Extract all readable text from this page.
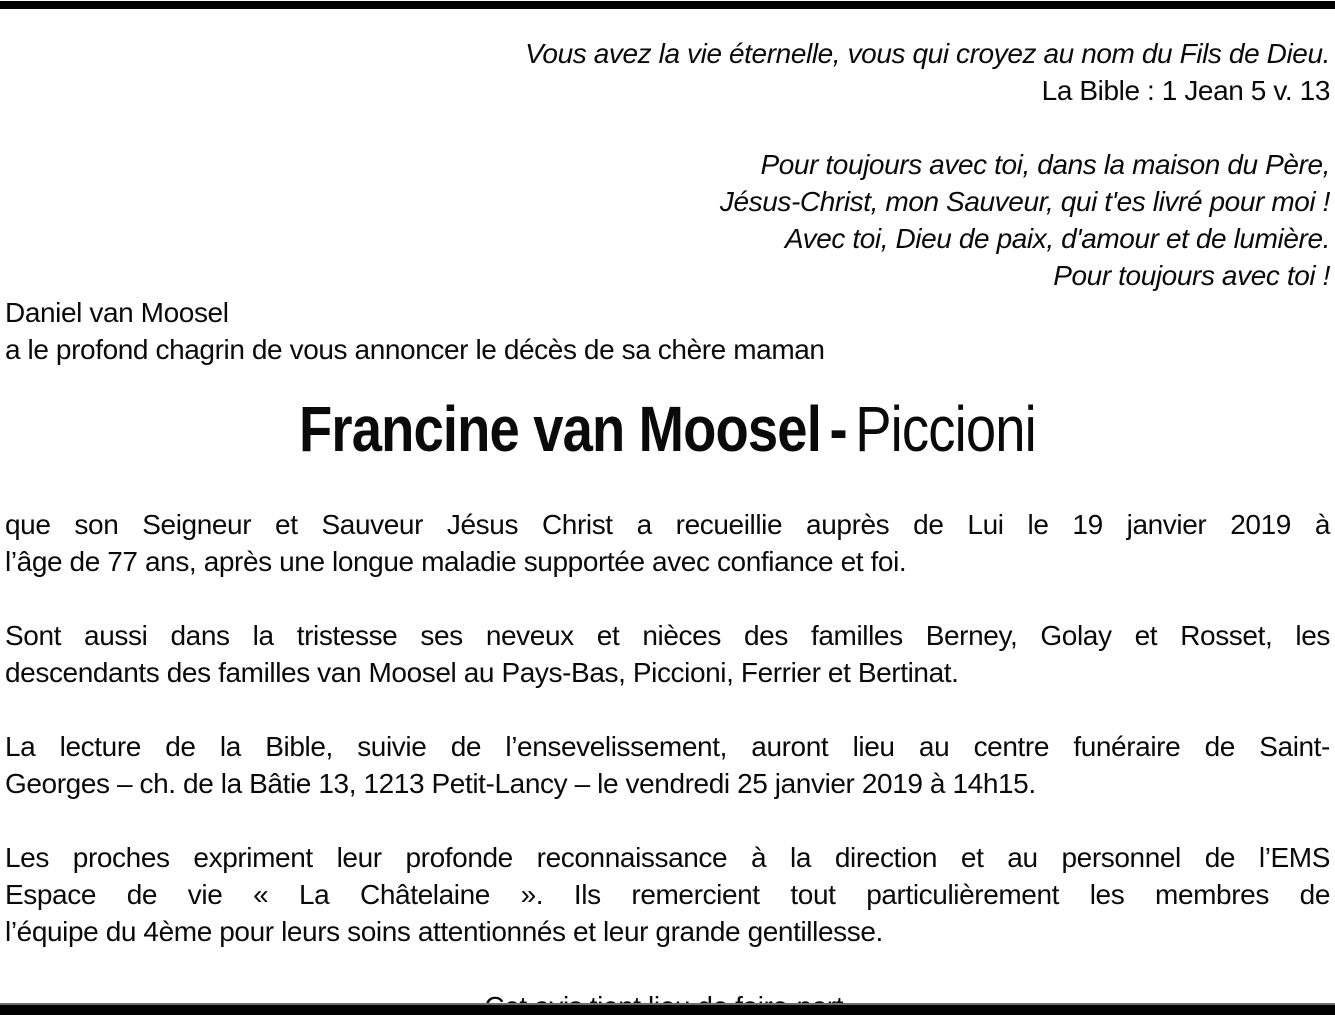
Vous avez la vie éternelle, vous qui croyez au nom du Fils de Dieu.
La Bible : 1 Jean 5 v. 13
Pour toujours avec toi, dans la maison du Père,
Jésus-Christ, mon Sauveur, qui t'es livré pour moi !
Avec toi, Dieu de paix, d'amour et de lumière.
Pour toujours avec toi !
Daniel van Moosel
a le profond chagrin de vous annoncer le décès de sa chère maman
Francine van Moosel - Piccioni
que son Seigneur et Sauveur Jésus Christ a recueillie auprès de Lui le 19 janvier 2019 à
l’âge de 77 ans, après une longue maladie supportée avec confiance et foi.
Sont aussi dans la tristesse ses neveux et nièces des familles Berney, Golay et Rosset, les
descendants des familles van Moosel au Pays-Bas, Piccioni, Ferrier et Bertinat.
La lecture de la Bible, suivie de l’ensevelissement, auront lieu au centre funéraire de Saint-
Georges – ch. de la Bâtie 13, 1213 Petit-Lancy – le vendredi 25 janvier 2019 à 14h15.
Les proches expriment leur profonde reconnaissance à la direction et au personnel de l’EMS
Espace de vie « La Châtelaine ». Ils remercient tout particulièrement les membres de
l’équipe du 4ème pour leurs soins attentionnés et leur grande gentillesse.
